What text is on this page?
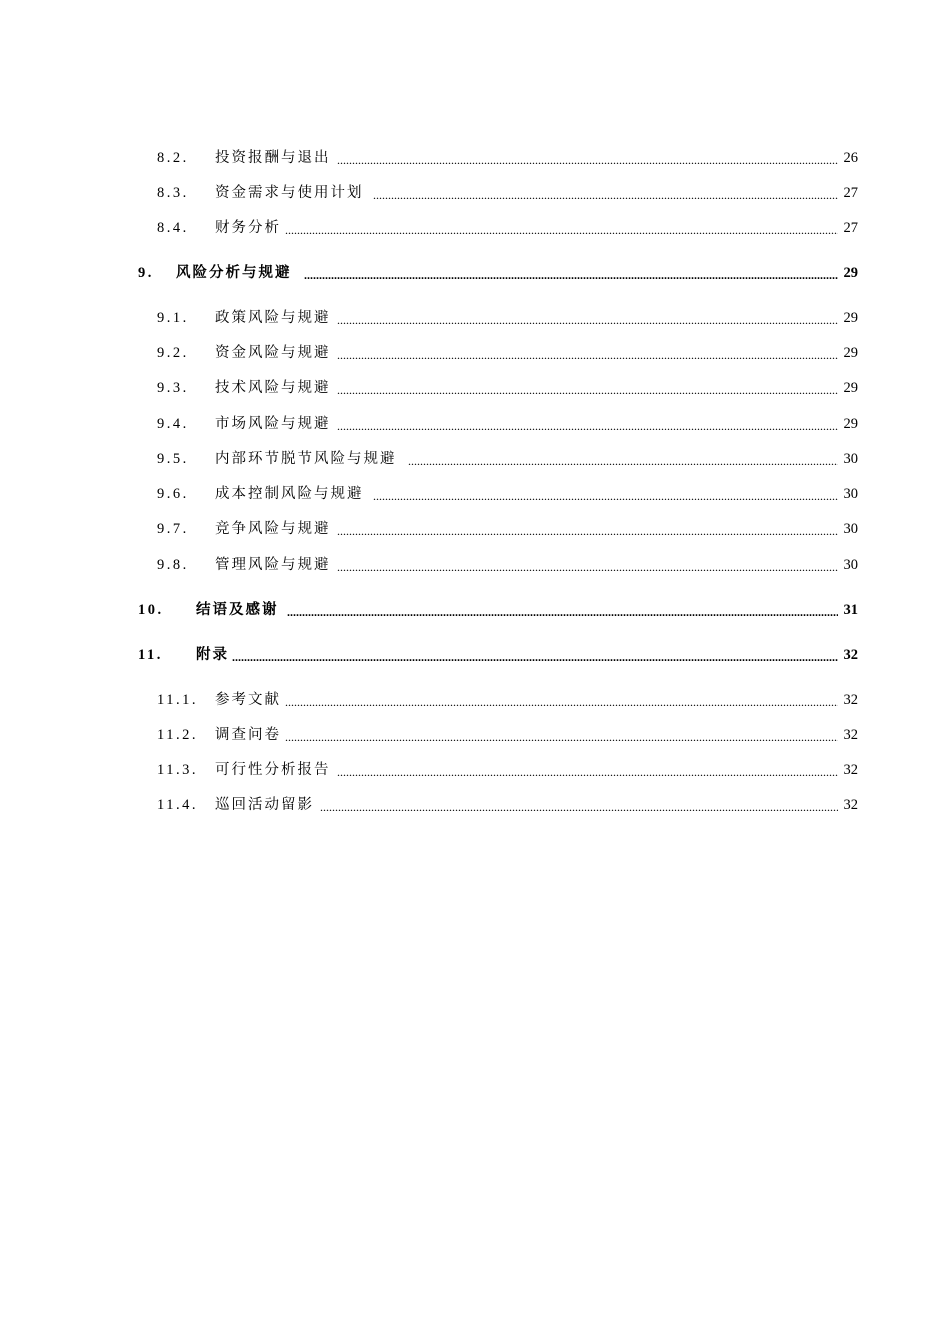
8.2. 投资报酬与退出 .....	26
8.3. 资金需求与使用计划 .....	27
8.4. 财务分析 .....	27
9. 风险分析与规避 .....	29
9.1. 政策风险与规避 .....	29
9.2. 资金风险与规避 .....	29
9.3. 技术风险与规避 .....	29
9.4. 市场风险与规避 .....	29
9.5. 内部环节脱节风险与规避 .....	30
9.6. 成本控制风险与规避 .....	30
9.7. 竞争风险与规避 .....	30
9.8. 管理风险与规避 .....	30
10. 结语及感谢 .....	31
11. 附录 .....	32
11.1. 参考文献 .....	32
11.2. 调查问卷 .....	32
11.3. 可行性分析报告 .....	32
11.4. 巡回活动留影 .....	32
